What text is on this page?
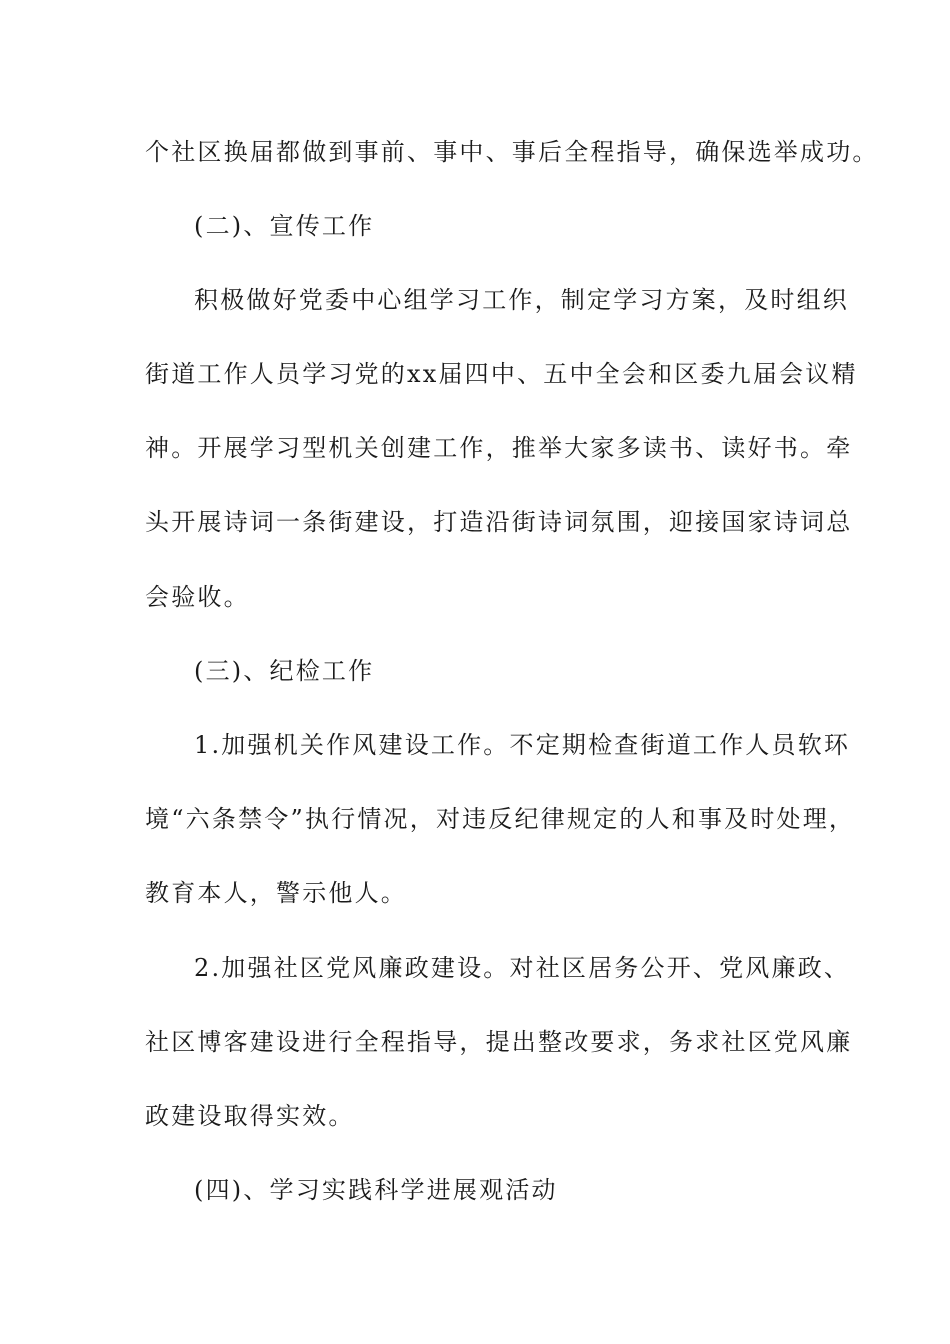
个社区换届都做到事前、事中、事后全程指导，确保选举成功。
(二)、宣传工作
积极做好党委中心组学习工作，制定学习方案，及时组织
街道工作人员学习党的xx届四中、五中全会和区委九届会议精
神。开展学习型机关创建工作，推举大家多读书、读好书。牵
头开展诗词一条街建设，打造沿街诗词氛围，迎接国家诗词总
会验收。
(三)、纪检工作
1.加强机关作风建设工作。不定期检查街道工作人员软环
境“六条禁令”执行情况，对违反纪律规定的人和事及时处理，
教育本人，警示他人。
2.加强社区党风廉政建设。对社区居务公开、党风廉政、
社区博客建设进行全程指导，提出整改要求，务求社区党风廉
政建设取得实效。
(四)、学习实践科学进展观活动
